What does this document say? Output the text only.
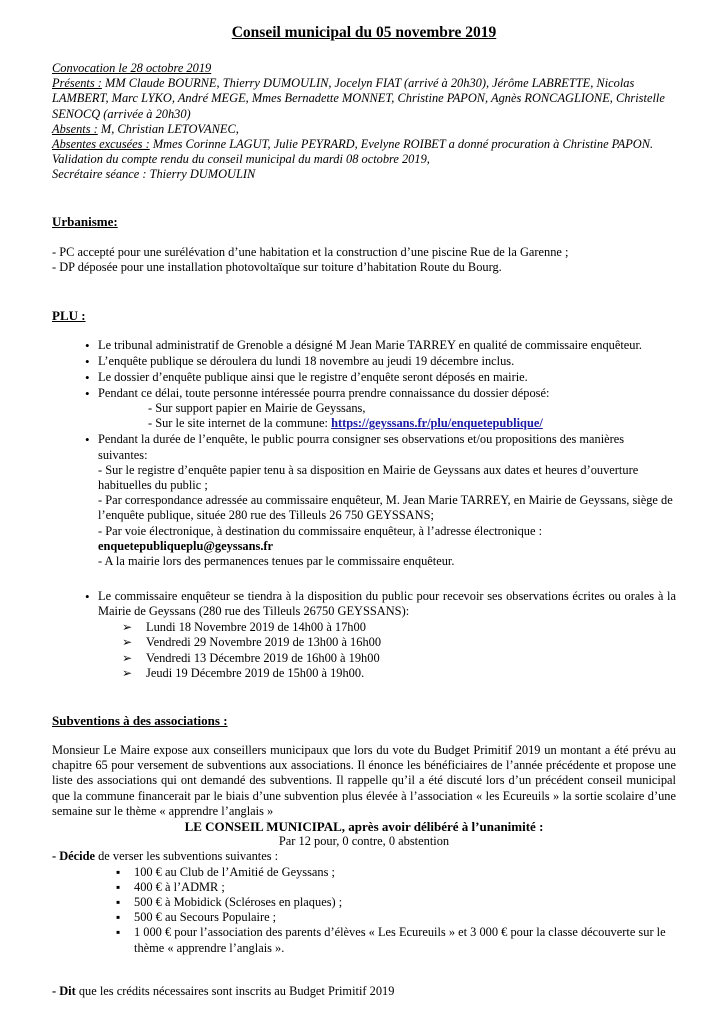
Conseil municipal du 05 novembre 2019

Convocation le 28 octobre 2019

Présents : MM Claude BOURNE, Thierry DUMOULIN, Jocelyn FIAT (arrivé à 20h30), Jérôme LABRETTE, Nicolas LAMBERT, Marc LYKO, André MEGE, Mmes Bernadette MONNET, Christine PAPON, Agnès RONCAGLIONE, Christelle SENOCQ (arrivée à 20h30)

Absents : M, Christian LETOVANEC,

Absentes excusées : Mmes Corinne LAGUT, Julie PEYRARD, Evelyne ROIBET a donné procuration à Christine PAPON.

Validation du compte rendu du conseil municipal du mardi 08 octobre 2019,

Secrétaire séance : Thierry DUMOULIN

Urbanisme:

- PC accepté pour une surélévation d’une habitation et la construction d’une piscine Rue de la Garenne ;

- DP déposée pour une installation photovoltaïque sur toiture d’habitation Route du Bourg.

PLU :
• Le tribunal administratif de Grenoble a désigné M Jean Marie TARREY en qualité de commissaire enquêteur.
• L’enquête publique se déroulera du lundi 18 novembre au jeudi 19 décembre inclus.
• Le dossier d’enquête publique ainsi que le registre d’enquête seront déposés en mairie.
• Pendant ce délai, toute personne intéressée pourra prendre connaissance du dossier déposé:
- Sur support papier en Mairie de Geyssans,
- Sur le site internet de la commune: https://geyssans.fr/plu/enquetepublique/
• Pendant la durée de l’enquête, le public pourra consigner ses observations et/ou propositions des manières suivantes:
- Sur le registre d’enquête papier tenu à sa disposition en Mairie de Geyssans aux dates et heures d’ouverture habituelles du public ;
- Par correspondance adressée au commissaire enquêteur, M. Jean Marie TARREY, en Mairie de Geyssans, siège de l’enquête publique, située 280 rue des Tilleuls 26 750 GEYSSANS;
- Par voie électronique, à destination du commissaire enquêteur, à l’adresse électronique :
enquetepubliqueplu@geyssans.fr
- A la mairie lors des permanences tenues par le commissaire enquêteur.
• Le commissaire enquêteur se tiendra à la disposition du public pour recevoir ses observations écrites ou orales à la Mairie de Geyssans (280 rue des Tilleuls 26750 GEYSSANS):
➢ Lundi 18 Novembre 2019 de 14h00 à 17h00
➢ Vendredi 29 Novembre 2019 de 13h00 à 16h00
➢ Vendredi 13 Décembre 2019 de 16h00 à 19h00
➢ Jeudi 19 Décembre 2019 de 15h00 à 19h00.
Subventions à des associations :

Monsieur Le Maire expose aux conseillers municipaux que lors du vote du Budget Primitif 2019 un montant a été prévu au chapitre 65 pour versement de subventions aux associations. Il énonce les bénéficiaires de l’année précédente et propose une liste des associations qui ont demandé des subventions. Il rappelle qu’il a été discuté lors d’un précédent conseil municipal que la commune financerait par le biais d’une subvention plus élevée à l’association « les Ecureuils » la sortie scolaire d’une semaine sur le thème « apprendre l’anglais »

LE CONSEIL MUNICIPAL, après avoir délibéré à l’unanimité :

Par 12 pour, 0 contre, 0 abstention

- Décide de verser les subventions suivantes :

▪ 100 € au Club de l’Amitié de Geyssans ;
▪ 400 € à l’ADMR ;
▪ 500 € à Mobidick (Scléroses en plaques) ;
▪ 500 € au Secours Populaire ;
▪ 1 000 € pour l’association des parents d’élèves « Les Ecureuils » et 3 000 € pour la classe découverte sur le thème « apprendre l’anglais ».

- Dit que les crédits nécessaires sont inscrits au Budget Primitif 2019
